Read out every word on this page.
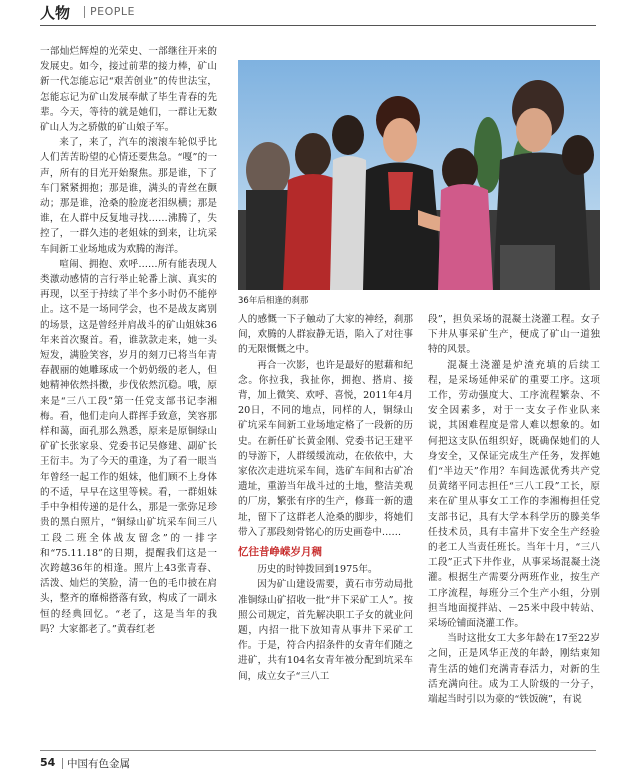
人物 PEOPLE

一部灿烂辉煌的光荣史、一部继往开来的发展史。如今，接过前辈的接力棒，矿山新一代怎能忘记“艰苦创业”的传世法宝，怎能忘记为矿山发展奉献了毕生青春的先辈。今天，等待的就是她们，一群让无数矿山人为之骄傲的矿山娘子军。

来了，来了，汽车的滚滚车轮似乎比人们苦苦盼望的心情还要焦急。“嘎”的一声，所有的目光开始聚焦。那是谁，下了车门紧紧拥抱；那是谁，满头的青丝在颤动；那是谁，沧桑的脸庞老泪纵横；那是谁，在人群中反复地寻找……沸腾了，失控了，一群久违的老姐妹的到来，让坑采车间新工业场地成为欢腾的海洋。

喧闹、拥抱、欢呼……所有能表现人类激动感情的言行举止轮番上演、真实的再现，以至于持续了半个多小时仍不能停止。这不是一场同学会，也不是战友离别的场景，这是曾经并肩战斗的矿山姐妹36年来首次聚首。看，谁款款走来，她一头短发，满脸笑容，岁月的刻刀已将当年青春靓丽的她雕琢成一个奶奶级的老人，但她精神依然抖擞，步伐依然沉稳。哦，原来是“三八工段”第一任党支部书记李湘梅。看，他们走向人群挥手致意，笑容那样和蔼，面孔那么熟悉，原来是原铜绿山矿矿长张家泉、党委书记吴修建、副矿长王衍丰。为了今天的重逢，为了看一眼当年曾经一起工作的姐妹，他们顾不上身体的不适，早早在这里等候。看，一群姐妹手中争相传递的是什么，那是一张弥足珍贵的黑白照片，“铜绿山矿坑采车间三八工段二班全体战友留念”的一排字和“75.11.18”的日期，提醒我们这是一次跨越36年的相逢。照片上43张青春、活泼、灿烂的笑脸，清一色的毛巾披在肩头，整齐的靡棉搭落有致，构成了一副永恒的经典回忆。“老了，这是当年的我吗？大家都老了。”黄春红老

36年后相逢的刹那

人的感慨一下子触动了大家的神经，刹那间，欢腾的人群寂静无语，陷入了对往事的无限慨慨之中。

再合一次影，也许是最好的慰藉和纪念。你拉我，我扯你，拥抱、搭肩、接背，加上微笑、欢呼、喜悦，2011年4月20日，不同的地点，同样的人，铜绿山矿坑采车间新工业场地定格了一段新的历史。在新任矿长黄金刚、党委书记王建平的导游下，人群缓缓流动，在依依中，大家依次走进坑采车间，选矿车间和古矿冶遗址，重游当年战斗过的土地，整洁美观的厂房，繁张有序的生产，修葺一新的遗址，留下了这群老人沧桑的脚步，将她们带入了那段刻骨铭心的历史画卷中……

忆往昔峥嵘岁月稠

历史的时钟拨回到1975年。

因为矿山建设需要，黄石市劳动局批准铜绿山矿招收一批“井下采矿工人”。按照公司规定，首先解决职工子女的就业问题，内招一批下放知青从事井下采矿工作。于是，符合内招条件的女青年们随之进矿，共有104名女青年被分配到坑采车间，成立女子“三八工

段”，担负采场的混凝土浇灌工程。女子下井从事采矿生产，便成了矿山一道独特的风景。

混凝土浇灌是炉渣充填的后续工程，是采场延伸采矿的重要工序。这项工作，劳动强度大、工序流程繁杂、不安全因素多，对于一支女子作业队来说，其困难程度是常人难以想象的。如何把这支队伍组织好，既确保她们的人身安全，又保证完成生产任务，发挥她们“半边天”作用？车间选派优秀共产党员黄绪平同志担任“三八工段”工长，原来在矿里从事女工工作的李湘梅担任党支部书记，具有大学本科学历的滕美华任技术员，具有丰富井下安全生产经验的老工人当责任班长。当年十月，“三八工段”正式下井作业，从事采场混凝土浇灌。根据生产需要分两班作业，按生产工序流程，每班分三个生产小组，分别担当地面搅拌站、－25米中段中转站、采场砼铺面浇灌工作。

当时这批女工大多年龄在17至22岁之间，正是风华正茂的年龄，刚结束知青生活的她们充满青春活力，对新的生活充满向往。成为工人阶级的一分子，端起当时引以为豪的“铁饭碗”，有说

54 中国有色金属
